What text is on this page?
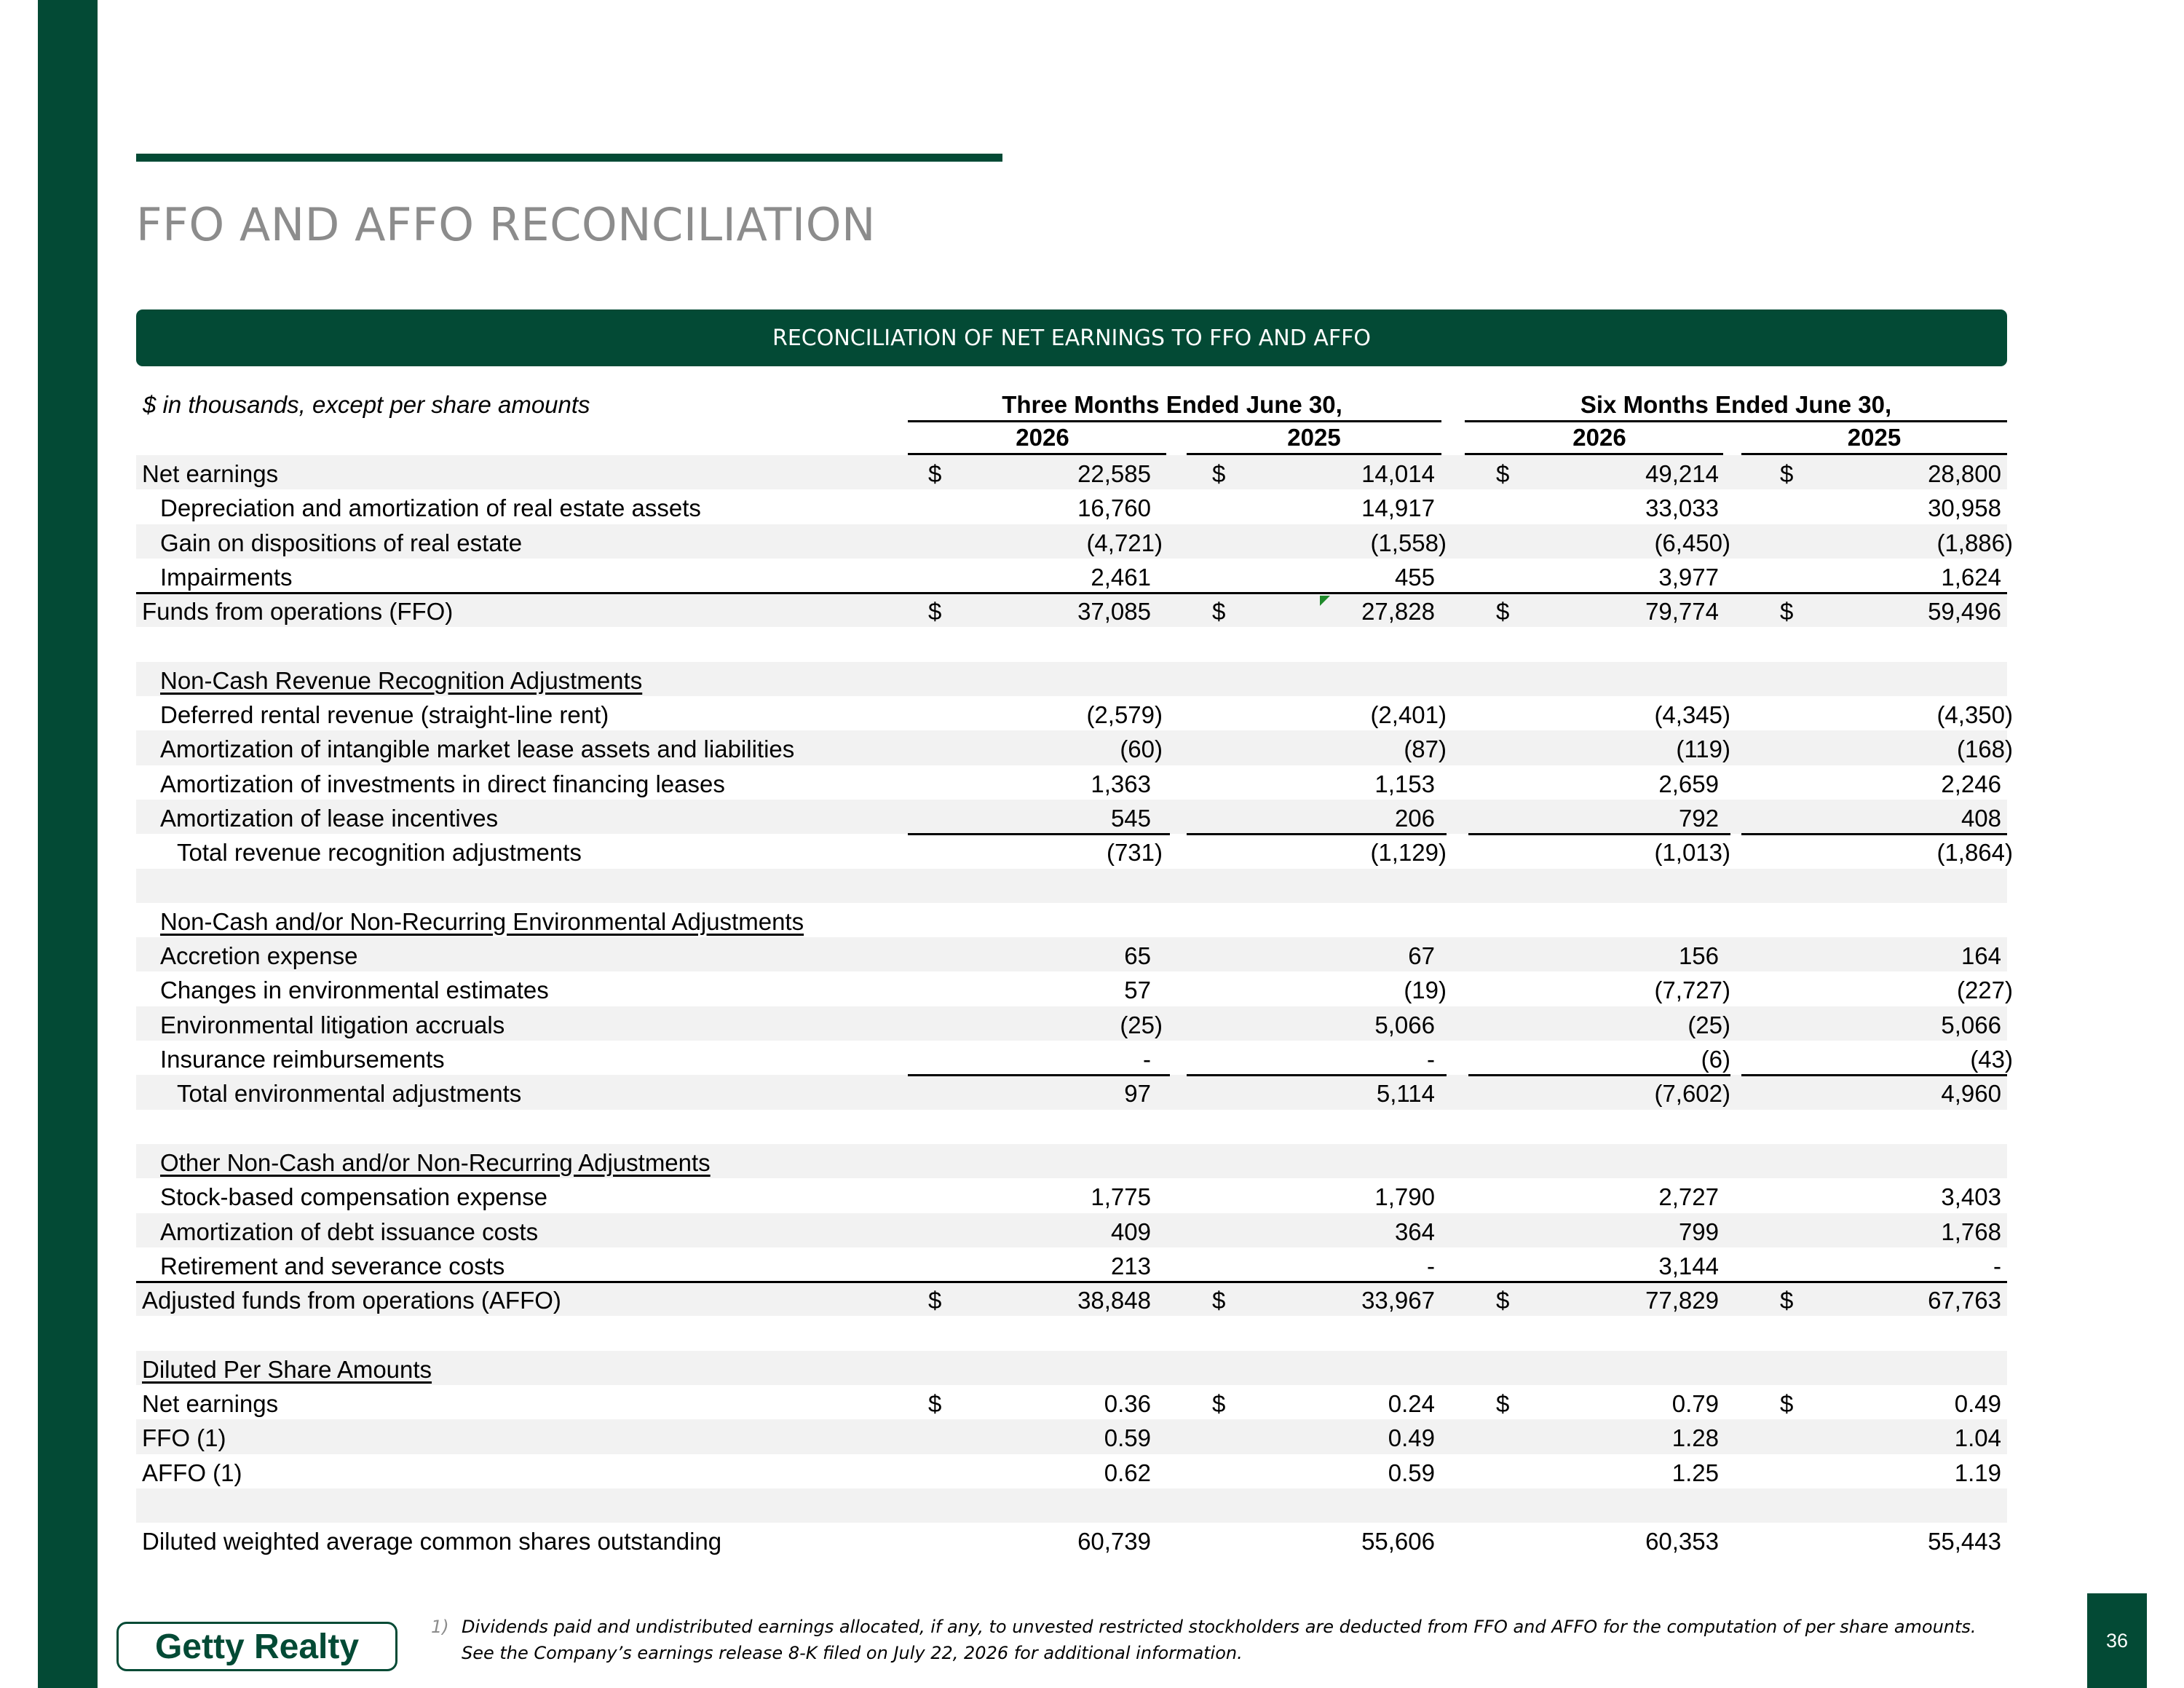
FFO AND AFFO RECONCILIATION
RECONCILIATION OF NET EARNINGS TO FFO AND AFFO
$ in thousands, except per share amounts	Three Months Ended June 30,	Six Months Ended June 30,
2026	2025	2026	2025
Net earnings	$	22,585	$	14,014	$	49,214	$	28,800
Depreciation and amortization of real estate assets	16,760	14,917	33,033	30,958
Gain on dispositions of real estate	(4,721)	(1,558)	(6,450)	(1,886)
Impairments	2,461	455	3,977	1,624
Funds from operations (FFO)	$	37,085	$	27,828	$	79,774	$	59,496
Non-Cash Revenue Recognition Adjustments
Deferred rental revenue (straight-line rent)	(2,579)	(2,401)	(4,345)	(4,350)
Amortization of intangible market lease assets and liabilities	(60)	(87)	(119)	(168)
Amortization of investments in direct financing leases	1,363	1,153	2,659	2,246
Amortization of lease incentives	545	206	792	408
Total revenue recognition adjustments	(731)	(1,129)	(1,013)	(1,864)
Non-Cash and/or Non-Recurring Environmental Adjustments
Accretion expense	65	67	156	164
Changes in environmental estimates	57	(19)	(7,727)	(227)
Environmental litigation accruals	(25)	5,066	(25)	5,066
Insurance reimbursements	-	-	(6)	(43)
Total environmental adjustments	97	5,114	(7,602)	4,960
Other Non-Cash and/or Non-Recurring Adjustments
Stock-based compensation expense	1,775	1,790	2,727	3,403
Amortization of debt issuance costs	409	364	799	1,768
Retirement and severance costs	213	-	3,144	-
Adjusted funds from operations (AFFO)	$	38,848	$	33,967	$	77,829	$	67,763
Diluted Per Share Amounts
Net earnings	$	0.36	$	0.24	$	0.79	$	0.49
FFO (1)	0.59	0.49	1.28	1.04
AFFO (1)	0.62	0.59	1.25	1.19
Diluted weighted average common shares outstanding	60,739	55,606	60,353	55,443
Getty Realty
1) Dividends paid and undistributed earnings allocated, if any, to unvested restricted stockholders are deducted from FFO and AFFO for the computation of per share amounts. See the Company’s earnings release 8-K filed on July 22, 2026 for additional information.
36
